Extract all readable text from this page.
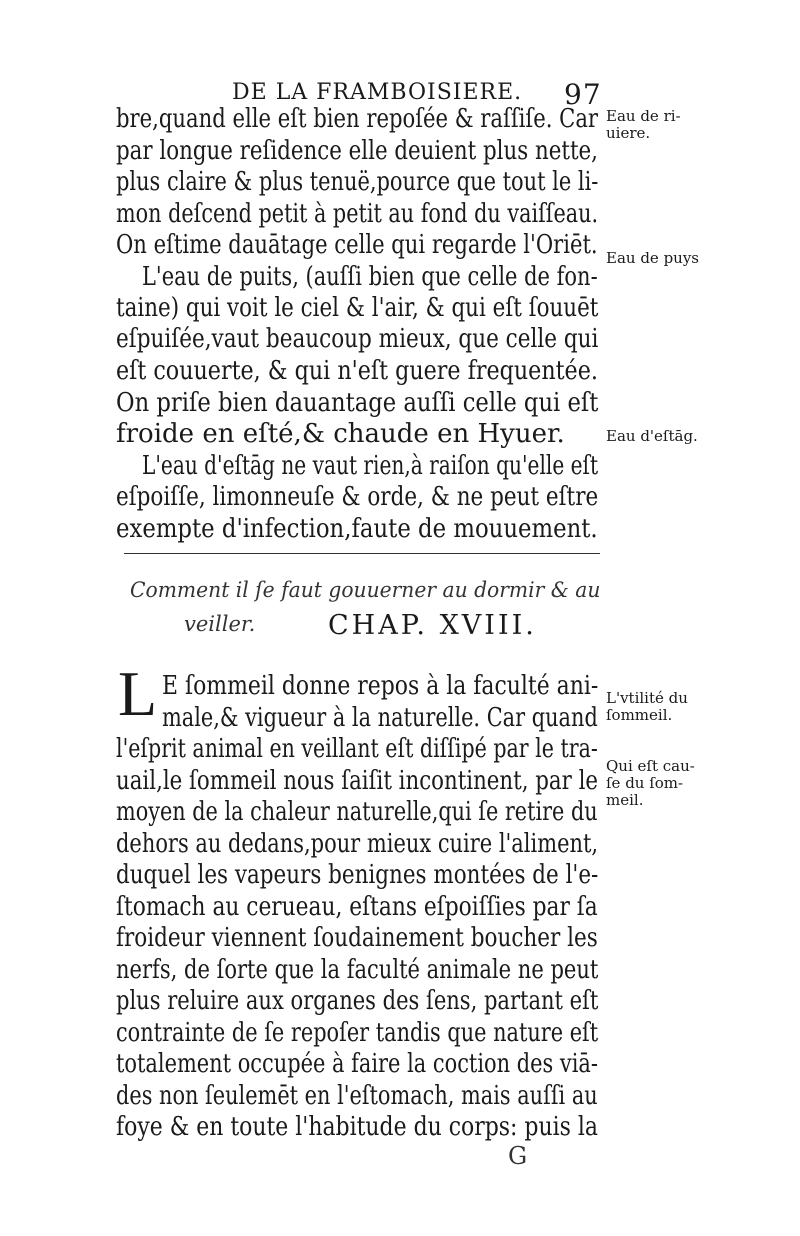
DE LA FRAMBOISIERE. 97
bre,quand elle eſt bien repoſée & raſſiſe. Car
par longue reſidence elle deuient plus nette,
plus claire & plus tenuë,pource que tout le li-
mon deſcend petit à petit au fond du vaiſſeau.
On eſtime dauātage celle qui regarde l'Oriēt.
L'eau de puits, (auſſi bien que celle de fon-
taine) qui voit le ciel & l'air, & qui eſt ſouuēt
eſpuiſée,vaut beaucoup mieux, que celle qui
eſt couuerte, & qui n'eſt guere frequentée.
On priſe bien dauantage auſſi celle qui eſt
froide en eſté,& chaude en Hyuer.
L'eau d'eſtāg ne vaut rien,à raiſon qu'elle eſt
eſpoiſſe, limonneuſe & orde, & ne peut eſtre
exempte d'infection,faute de mouuement.
Eau de ri-
uiere.
Eau de puys
Eau d'eſtāg.
L'vtilité du
ſommeil.
Qui eſt cau-
ſe du ſom-
meil.
Comment il ſe faut gouuerner au dormir & au
veiller.	CHAP. XVIII.
L E ſommeil donne repos à la faculté ani-
male,& vigueur à la naturelle. Car quand
l'eſprit animal en veillant eſt diſſipé par le tra-
uail,le ſommeil nous ſaiſit incontinent, par le
moyen de la chaleur naturelle,qui ſe retire du
dehors au dedans,pour mieux cuire l'aliment,
duquel les vapeurs benignes montées de l'e-
ſtomach au cerueau, eſtans eſpoiſſies par ſa
froideur viennent ſoudainement boucher les
nerfs, de ſorte que la faculté animale ne peut
plus reluire aux organes des ſens, partant eſt
contrainte de ſe repoſer tandis que nature eſt
totalement occupée à faire la coction des viā-
des non ſeulemēt en l'eſtomach, mais auſſi au
foye & en toute l'habitude du corps: puis la
G
